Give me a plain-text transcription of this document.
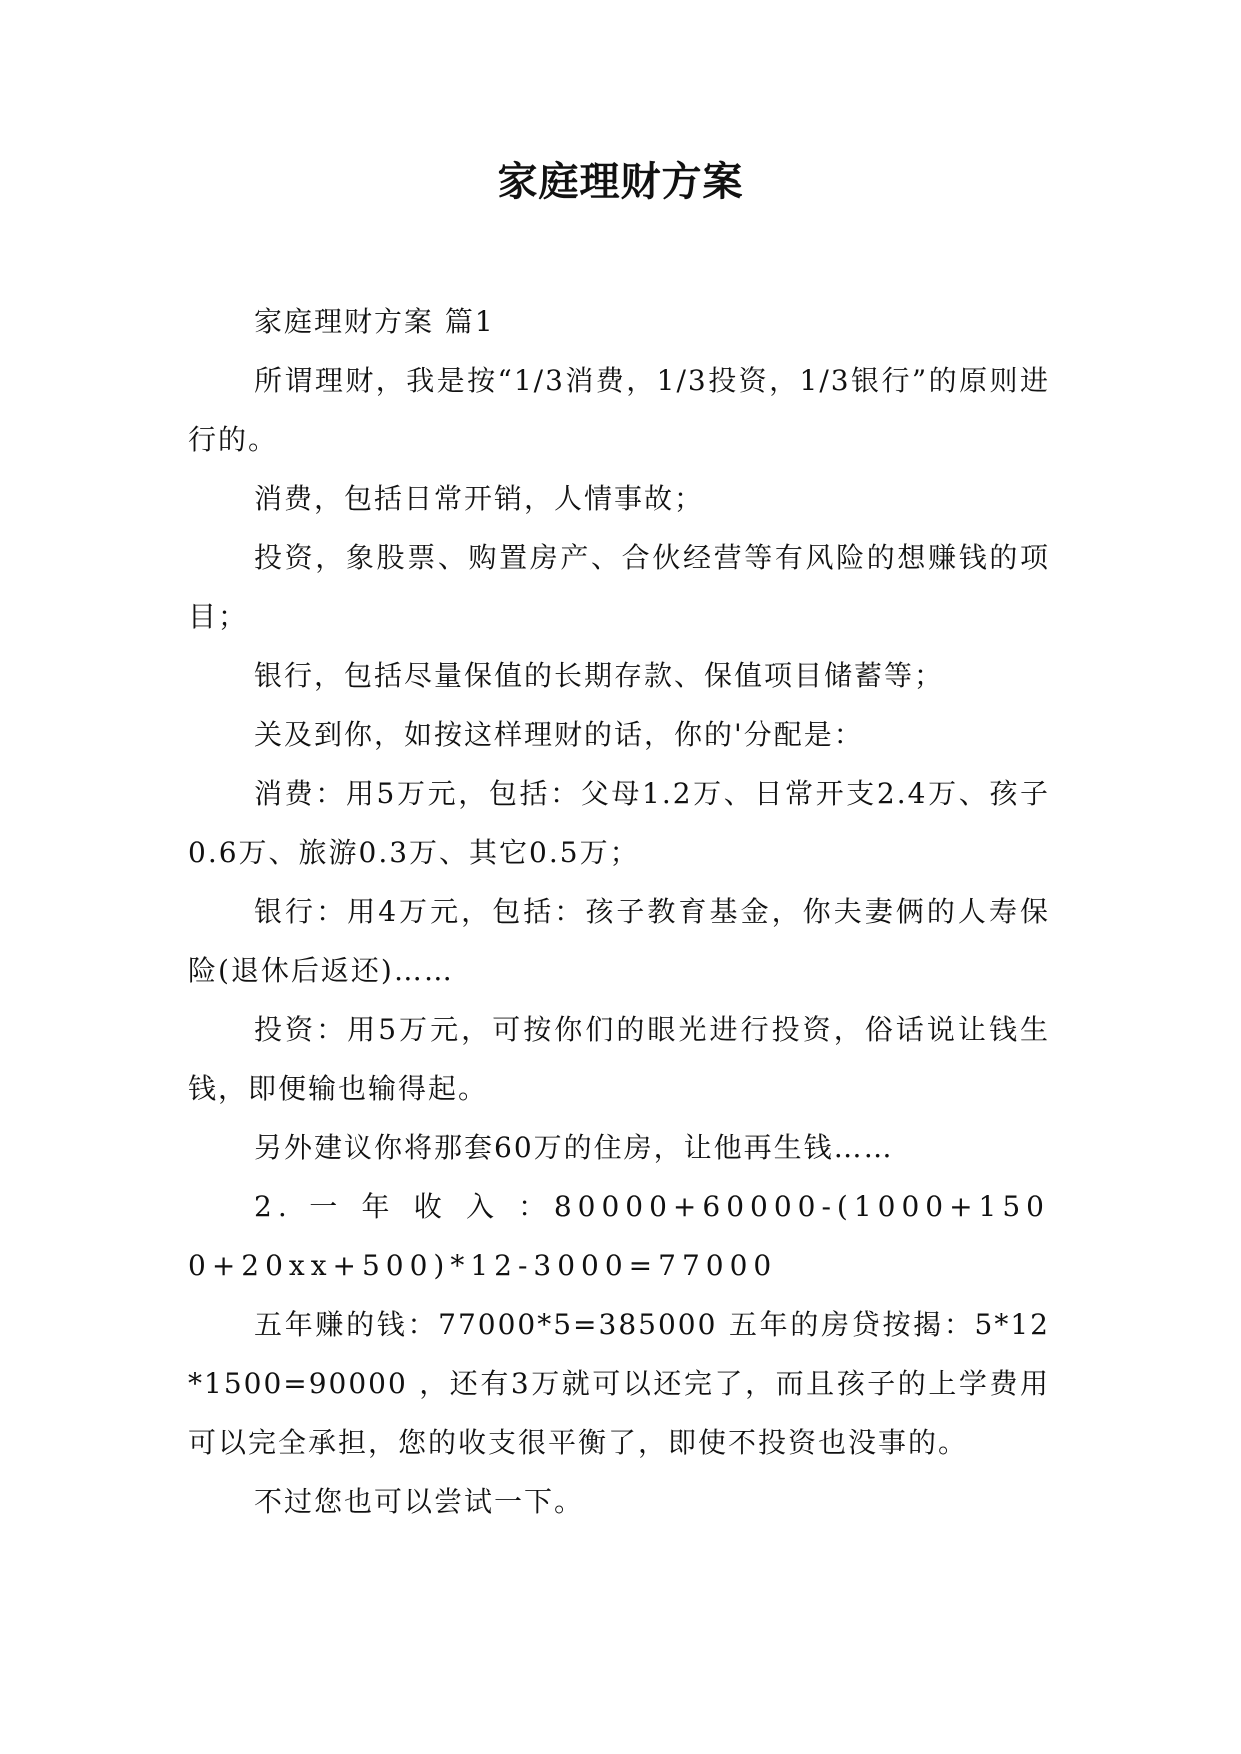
家庭理财方案

家庭理财方案 篇1

所谓理财，我是按“1/3消费，1/3投资，1/3银行”的原则进行的。

消费，包括日常开销，人情事故；

投资，象股票、购置房产、合伙经营等有风险的想赚钱的项目；

银行，包括尽量保值的长期存款、保值项目储蓄等；

关及到你，如按这样理财的话，你的'分配是：

消费：用5万元，包括：父母1.2万、日常开支2.4万、孩子0.6万、旅游0.3万、其它0.5万；

银行：用4万元，包括：孩子教育基金，你夫妻俩的人寿保险(退休后返还)……

投资：用5万元，可按你们的眼光进行投资，俗话说让钱生钱，即便输也输得起。

另外建议你将那套60万的住房，让他再生钱……

2. 一 年 收 入 ：80000+60000-(1000+1500+20xx+500)*12-3000=77000

五年赚的钱：77000*5=385000 五年的房贷按揭：5*12*1500=90000 ，还有3万就可以还完了，而且孩子的上学费用可以完全承担，您的收支很平衡了，即使不投资也没事的。

不过您也可以尝试一下。
